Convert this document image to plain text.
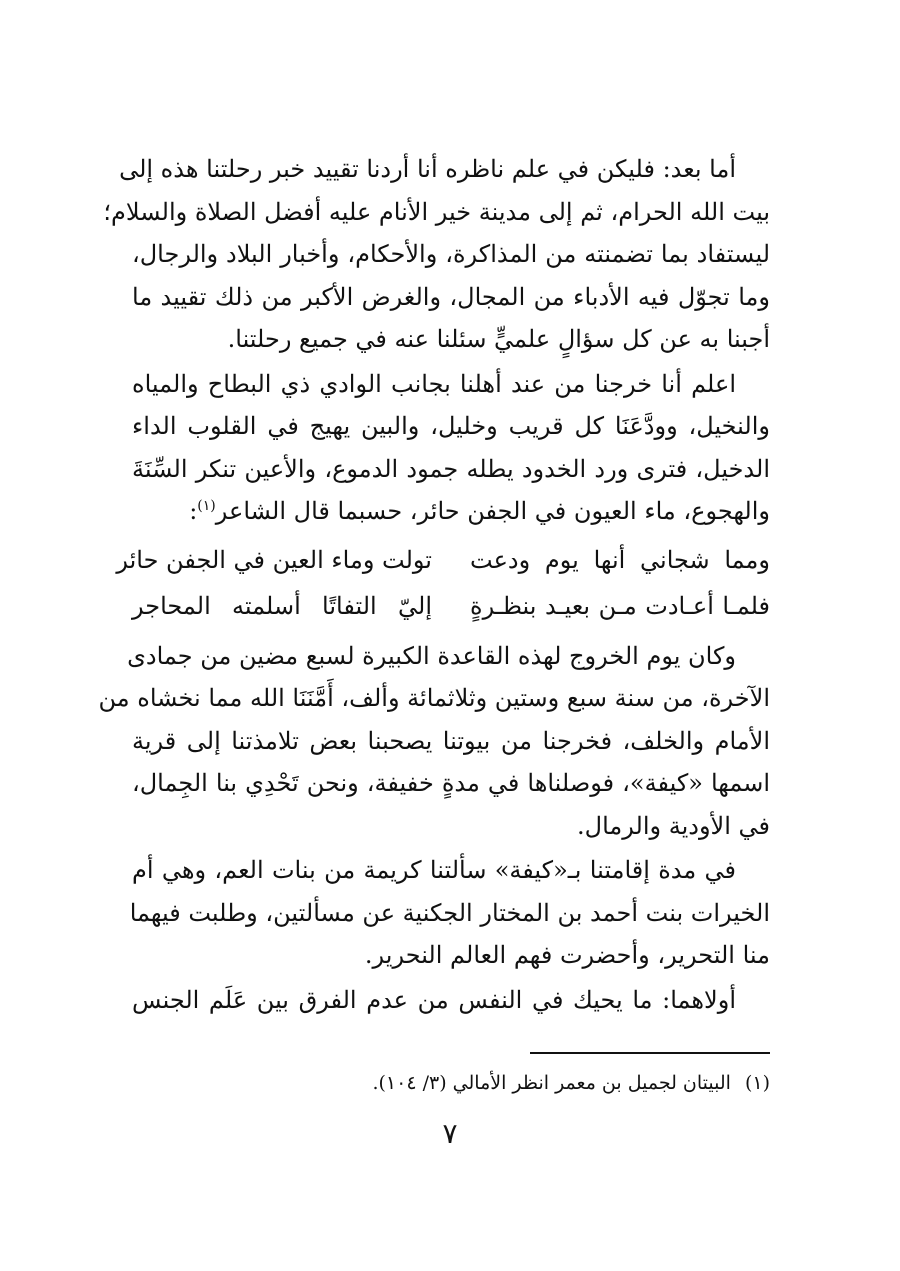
أما بعد: فليكن في علم ناظره أنا أردنا تقييد خبر رحلتنا هذه إلى
بيت الله الحرام، ثم إلى مدينة خير الأنام عليه أفضل الصلاة والسلام؛
ليستفاد بما تضمنته من المذاكرة، والأحكام، وأخبار البلاد والرجال،
وما تجوّل فيه الأدباء من المجال، والغرض الأكبر من ذلك تقييد ما
أجبنا به عن كل سؤالٍ علميٍّ سئلنا عنه في جميع رحلتنا.

اعلم أنا خرجنا من عند أهلنا بجانب الوادي ذي البطاح والمياه
والنخيل، وودَّعَنَا كل قريب وخليل، والبين يهيج في القلوب الداء
الدخيل، فترى ورد الخدود يطله جمود الدموع، والأعين تنكر السِّنَةَ
والهجوع، ماء العيون في الجفن حائر، حسبما قال الشاعر$^{(١)}$:

ومما شجاني أنها يوم ودعت
تولت وماء العين في الجفن حائر
فلمـا أعـادت مـن بعيـد بنظـرةٍ
إليّ التفاتًا أسلمته المحاجر

وكان يوم الخروج لهذه القاعدة الكبيرة لسبع مضين من جمادى
الآخرة، من سنة سبع وستين وثلاثمائة وألف، أَمَّنَنَا الله مما نخشاه من
الأمام والخلف، فخرجنا من بيوتنا يصحبنا بعض تلامذتنا إلى قرية
اسمها «كيفة»، فوصلناها في مدةٍ خفيفة، ونحن تَحْدِي بنا الجِمال،
في الأودية والرمال.

في مدة إقامتنا بـ«كيفة» سألتنا كريمة من بنات العم، وهي أم
الخيرات بنت أحمد بن المختار الجكنية عن مسألتين، وطلبت فيهما
منا التحرير، وأحضرت فهم العالم النحرير.

أولاهما: ما يحيك في النفس من عدم الفرق بين عَلَم الجنس

(١)البيتان لجميل بن معمر انظر الأمالي (٣/ ١٠٤).
٧
